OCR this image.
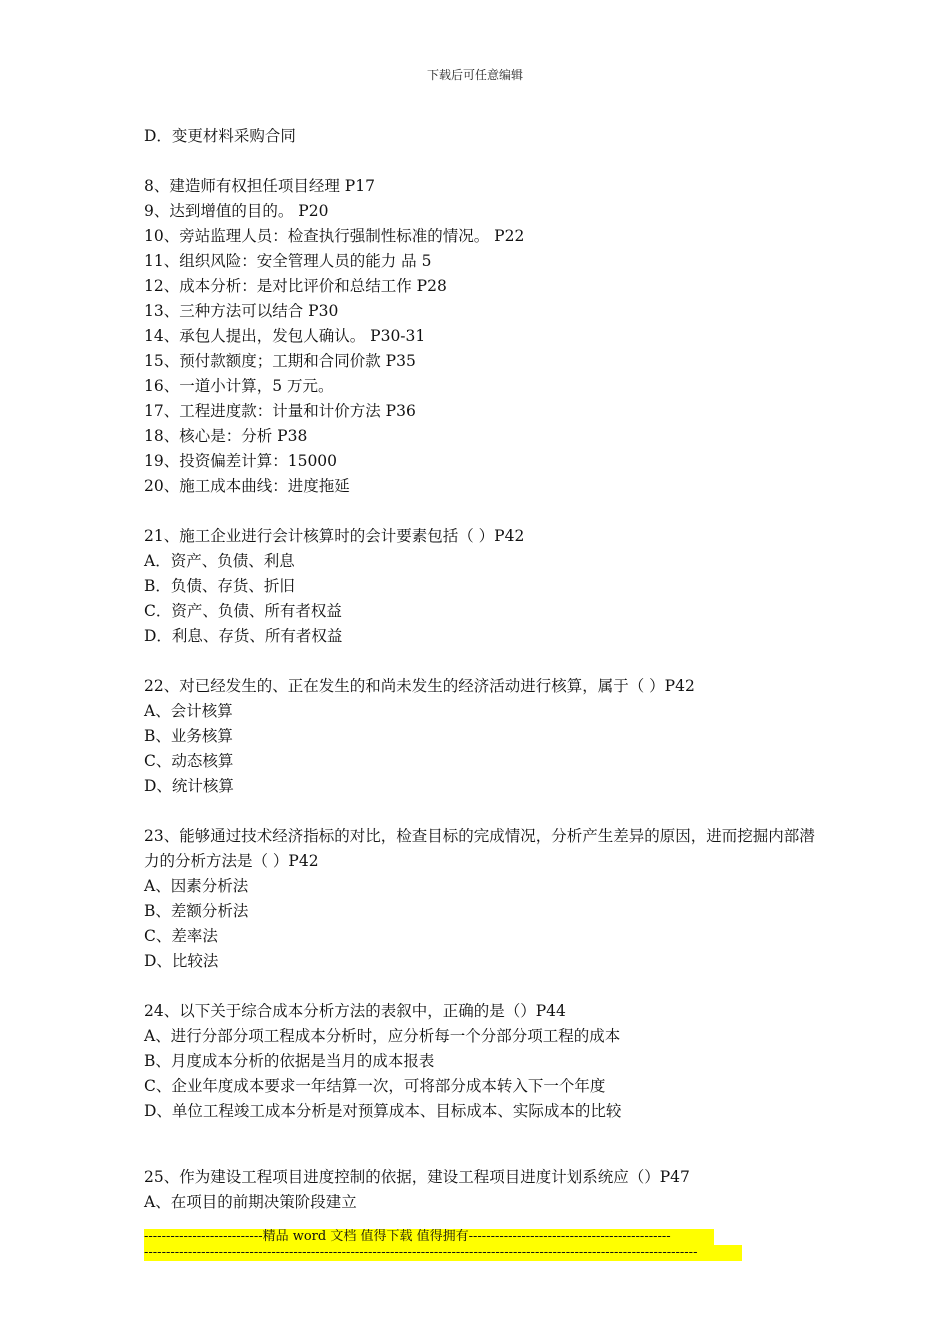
下载后可任意编辑
D．变更材料采购合同
8、建造师有权担任项目经理 P17
9、达到增值的目的。 P20
10、旁站监理人员：检查执行强制性标准的情况。 P22
11、组织风险：安全管理人员的能力 品 5
12、成本分析：是对比评价和总结工作 P28
13、三种方法可以结合 P30
14、承包人提出，发包人确认。 P30-31
15、预付款额度；工期和合同价款 P35
16、一道小计算，5 万元。
17、工程进度款：计量和计价方法 P36
18、核心是：分析 P38
19、投资偏差计算：15000
20、施工成本曲线：进度拖延
21、施工企业进行会计核算时的会计要素包括（ ）P42
A．资产、负债、利息
B．负债、存货、折旧
C．资产、负债、所有者权益
D．利息、存货、所有者权益
22、对已经发生的、正在发生的和尚未发生的经济活动进行核算，属于（ ）P42
A、会计核算
B、业务核算
C、动态核算
D、统计核算
23、能够通过技术经济指标的对比，检查目标的完成情况，分析产生差异的原因，进而挖掘内部潜力的分析方法是（ ）P42
A、因素分析法
B、差额分析法
C、差率法
D、比较法
24、以下关于综合成本分析方法的表叙中，正确的是（）P44
A、进行分部分项工程成本分析时，应分析每一个分部分项工程的成本
B、月度成本分析的依据是当月的成本报表
C、企业年度成本要求一年结算一次，可将部分成本转入下一个年度
D、单位工程竣工成本分析是对预算成本、目标成本、实际成本的比较
25、作为建设工程项目进度控制的依据，建设工程项目进度计划系统应（）P47
A、在项目的前期决策阶段建立
---------------------------精品 word 文档 值得下载 值得拥有----------------------------------------------
------------------------------------------------------------------------------------------------------------------------------
